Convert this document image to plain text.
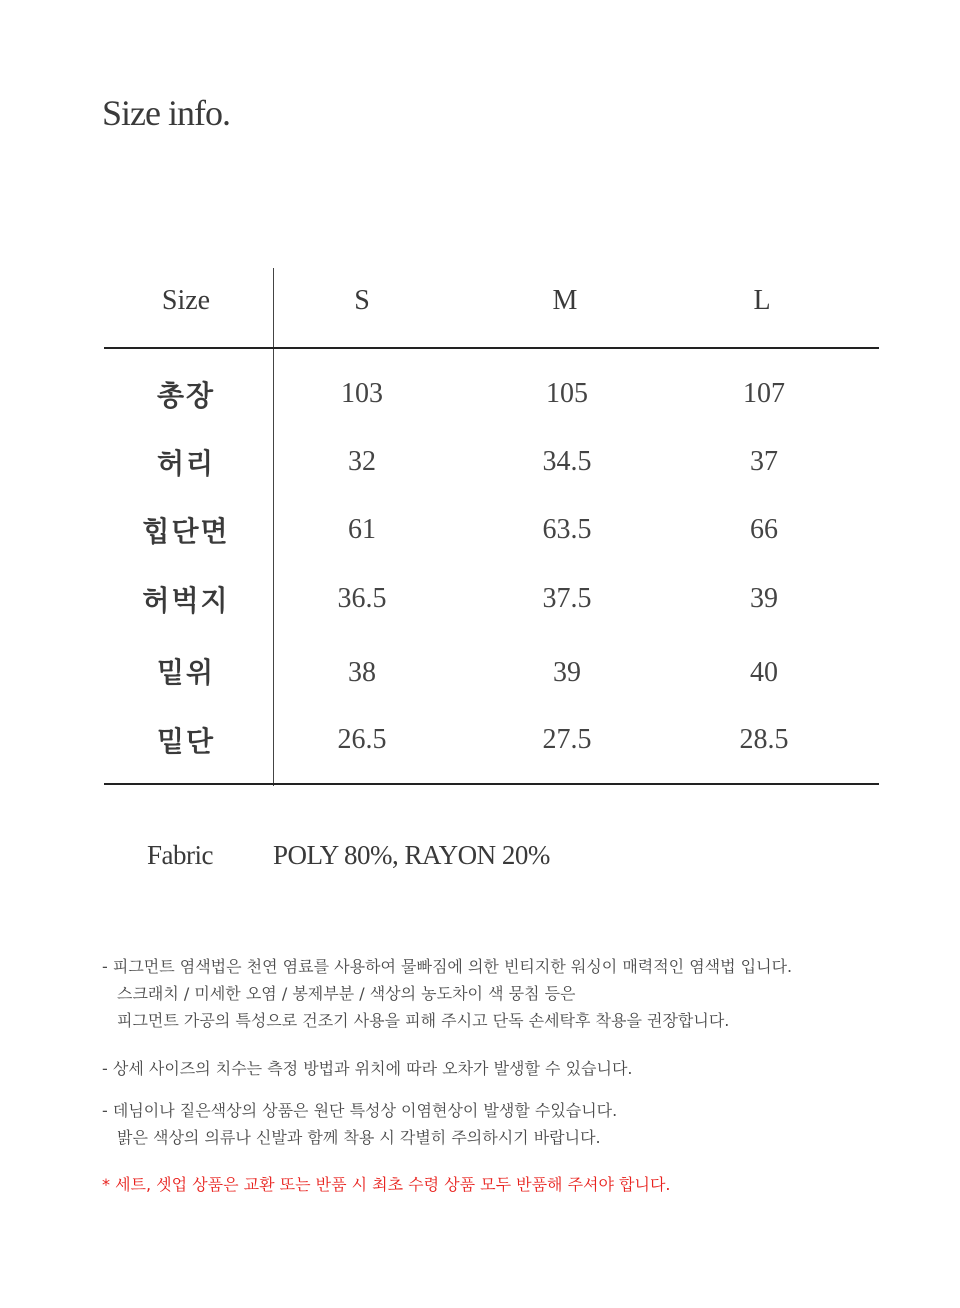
Size info.
Size	S	M	L
총장	103	105	107
허리	32	34.5	37
힙단면	61	63.5	66
허벅지	36.5	37.5	39
밑위	38	39	40
밑단	26.5	27.5	28.5
Fabric POLY 80%, RAYON 20%
- 피그먼트 염색법은 천연 염료를 사용하여 물빠짐에 의한 빈티지한 워싱이 매력적인 염색법 입니다.
스크래치 / 미세한 오염 / 봉제부분 / 색상의 농도차이 색 뭉침 등은
피그먼트 가공의 특성으로 건조기 사용을 피해 주시고 단독 손세탁후 착용을 권장합니다.
- 상세 사이즈의 치수는 측정 방법과 위치에 따라 오차가 발생할 수 있습니다.
- 데님이나 짙은색상의 상품은 원단 특성상 이염현상이 발생할 수있습니다.
밝은 색상의 의류나 신발과 함께 착용 시 각별히 주의하시기 바랍니다.
* 세트, 셋업 상품은 교환 또는 반품 시 최초 수령 상품 모두 반품해 주셔야 합니다.
